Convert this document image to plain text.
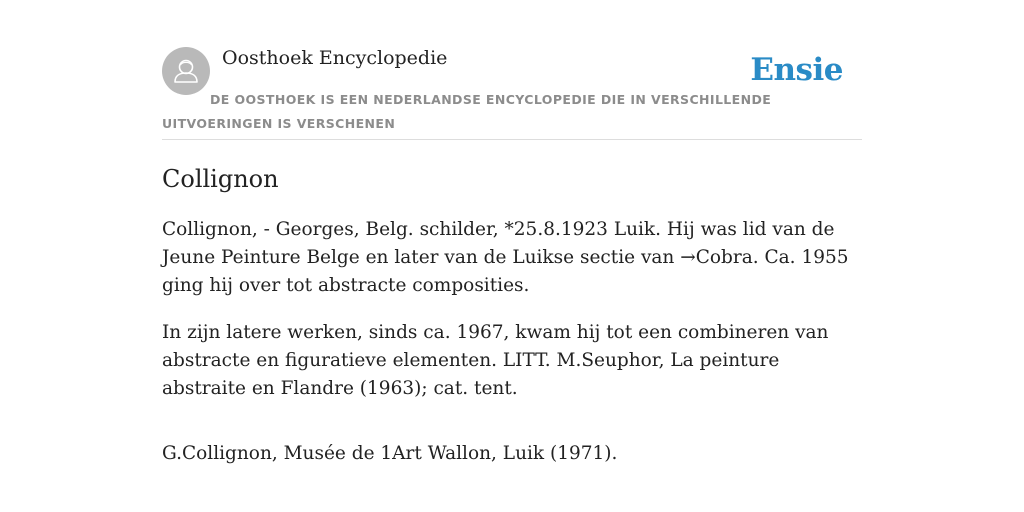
Oosthoek Encyclopedie	Ensie
DE OOSTHOEK IS EEN NEDERLANDSE ENCYCLOPEDIE DIE IN VERSCHILLENDE UITVOERINGEN IS VERSCHENEN
Collignon

Collignon, - Georges, Belg. schilder, *25.8.1923 Luik. Hij was lid van de Jeune Peinture Belge en later van de Luikse sectie van →Cobra. Ca. 1955 ging hij over tot abstracte composities.

In zijn latere werken, sinds ca. 1967, kwam hij tot een combineren van abstracte en figuratieve elementen. LITT. M.Seuphor, La peinture abstraite en Flandre (1963); cat. tent.

G.Collignon, Musée de 1Art Wallon, Luik (1971).
